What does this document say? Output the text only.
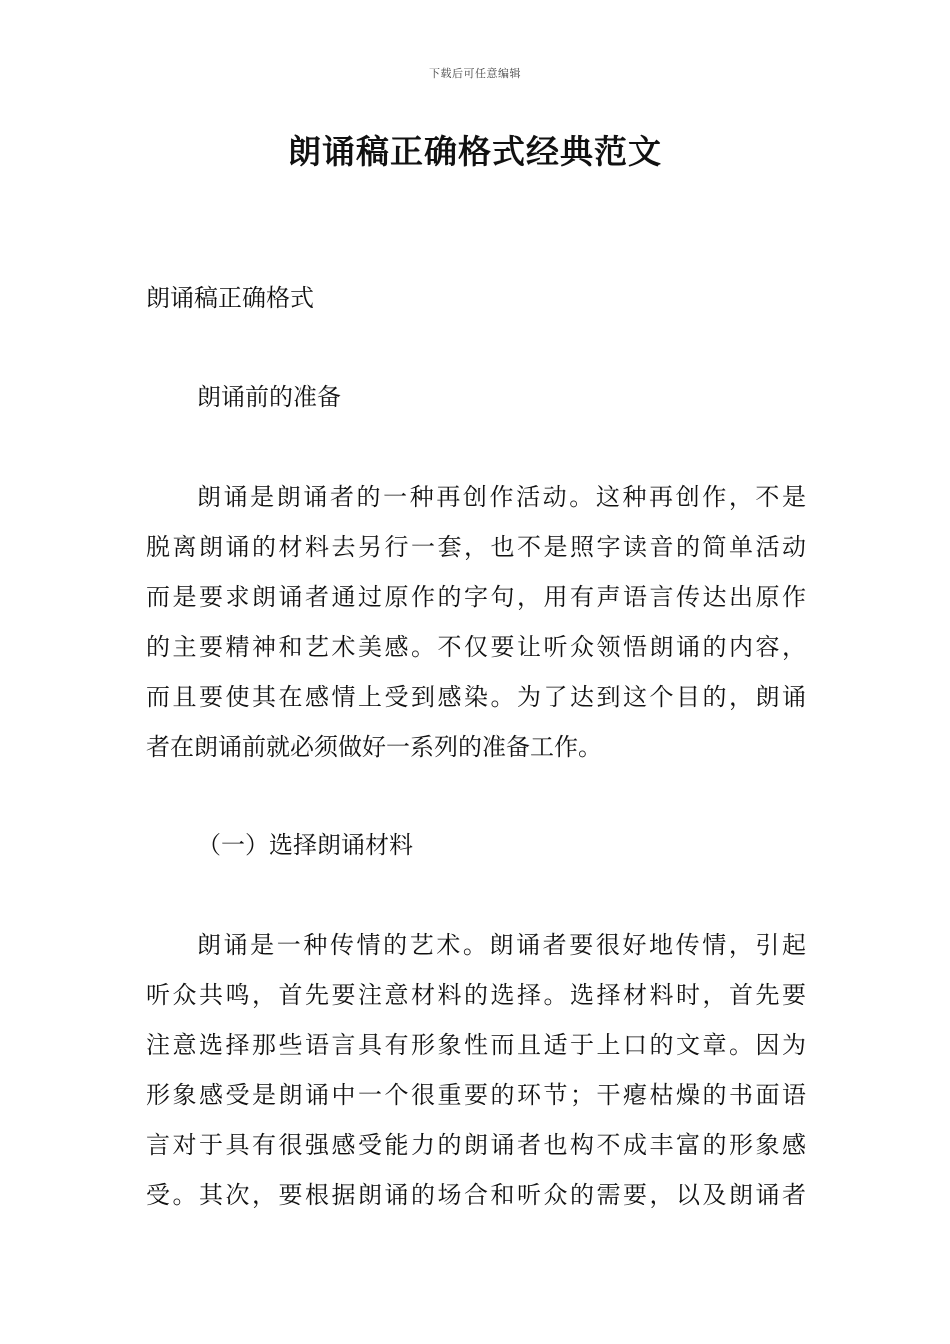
下载后可任意编辑
朗诵稿正确格式经典范文
朗诵稿正确格式
朗诵前的准备

朗诵是朗诵者的一种再创作活动。这种再创作，不是
脱离朗诵的材料去另行一套，也不是照字读音的简单活动
而是要求朗诵者通过原作的字句，用有声语言传达出原作
的主要精神和艺术美感。不仅要让听众领悟朗诵的内容，
而且要使其在感情上受到感染。为了达到这个目的，朗诵
者在朗诵前就必须做好一系列的准备工作。

（一）选择朗诵材料

朗诵是一种传情的艺术。朗诵者要很好地传情，引起
听众共鸣，首先要注意材料的选择。选择材料时，首先要
注意选择那些语言具有形象性而且适于上口的文章。因为
形象感受是朗诵中一个很重要的环节；干瘪枯燥的书面语
言对于具有很强感受能力的朗诵者也构不成丰富的形象感
受。其次，要根据朗诵的场合和听众的需要，以及朗诵者
